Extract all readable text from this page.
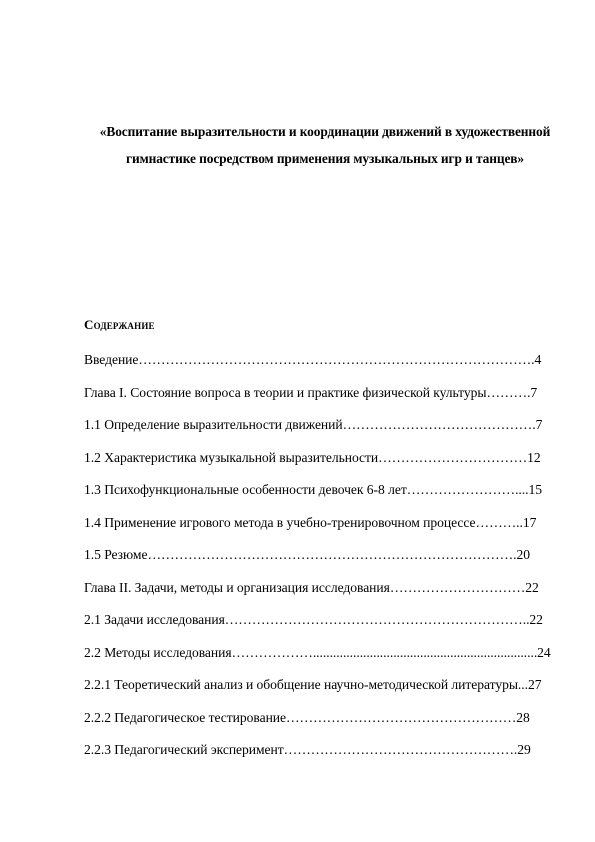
«Воспитание выразительности и координации движений в художественной
гимнастике посредством применения музыкальных игр и танцев»
Содержание
Введение…………………………………………………………………………….4
Глава I. Состояние вопроса в теории и практике физической культуры……….7
1.1 Определение выразительности движений…………………………………….7
1.2 Характеристика музыкальной выразительности……………………………12
1.3 Психофункциональные особенности девочек 6-8 лет……………………....15
1.4 Применение игрового метода в учебно-тренировочном процессе………..17
1.5 Резюме……………………………………………………………………….20
Глава II. Задачи, методы и организация исследования…………………………22
2.1 Задачи исследования…………………………………………………………..22
2.2 Методы исследования………………...................................................................24
2.2.1 Теоретический анализ и обобщение научно-методической литературы...27
2.2.2 Педагогическое тестирование……………………………………………28
2.2.3 Педагогический эксперимент…………………………………………….29
